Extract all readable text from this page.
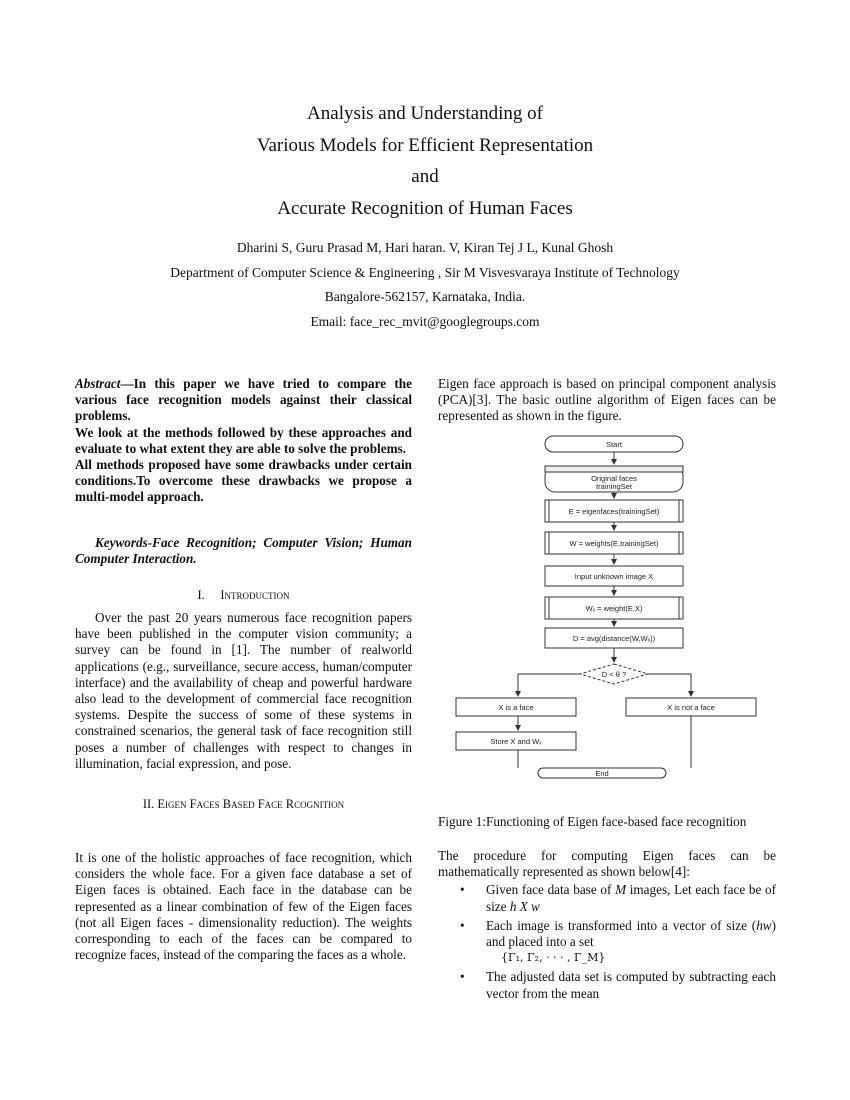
Analysis and Understanding of
Various Models for Efficient Representation
and
Accurate Recognition of Human Faces
Dharini S, Guru Prasad M, Hari haran. V, Kiran Tej J L, Kunal Ghosh
Department of Computer Science & Engineering , Sir M Visvesvaraya Institute of Technology
Bangalore-562157, Karnataka, India.
Email: face_rec_mvit@googlegroups.com

Abstract—In this paper we have tried to compare the various face recognition models against their classical problems.

We look at the methods followed by these approaches and evaluate to what extent they are able to solve the problems.

All methods proposed have some drawbacks under certain conditions.To overcome these drawbacks we propose a multi-model approach.

Keywords-Face Recognition; Computer Vision; Human Computer Interaction.
I. Introduction

Over the past 20 years numerous face recognition papers have been published in the computer vision community; a survey can be found in [1]. The number of realworld applications (e.g., surveillance, secure access, human/computer interface) and the availability of cheap and powerful hardware also lead to the development of commercial face recognition systems. Despite the success of some of these systems in constrained scenarios, the general task of face recognition still poses a number of challenges with respect to changes in illumination, facial expression, and pose.

II. Eigen Faces Based Face Rcognition

It is one of the holistic approaches of face recognition, which considers the whole face. For a given face database a set of Eigen faces is obtained. Each face in the database can be represented as a linear combination of few of the Eigen faces (not all Eigen faces - dimensionality reduction). The weights corresponding to each of the faces can be compared to recognize faces, instead of the comparing the faces as a whole.

Eigen face approach is based on principal component analysis (PCA)[3]. The basic outline algorithm of Eigen faces can be represented as shown in the figure.

Start
Original faces
trainingSet
E = eigenfaces(trainingSet)
W = weights(E,trainingSet)
Input unknown image X
Wₓ = weight(E,X)
D = avg(distance(W,Wₓ))
D < θ ?
X is a face	X is not a face
Store X and Wₓ
End
Figure 1:Functioning of Eigen face-based face recognition

The procedure for computing Eigen faces can be mathematically represented as shown below[4]:

• Given face data base of M images, Let each face be of size h X w
• Each image is transformed into a vector of size (hw) and placed into a set
{Γ₁, Γ₂, · · · , Γ_M}
• The adjusted data set is computed by subtracting each vector from the mean
